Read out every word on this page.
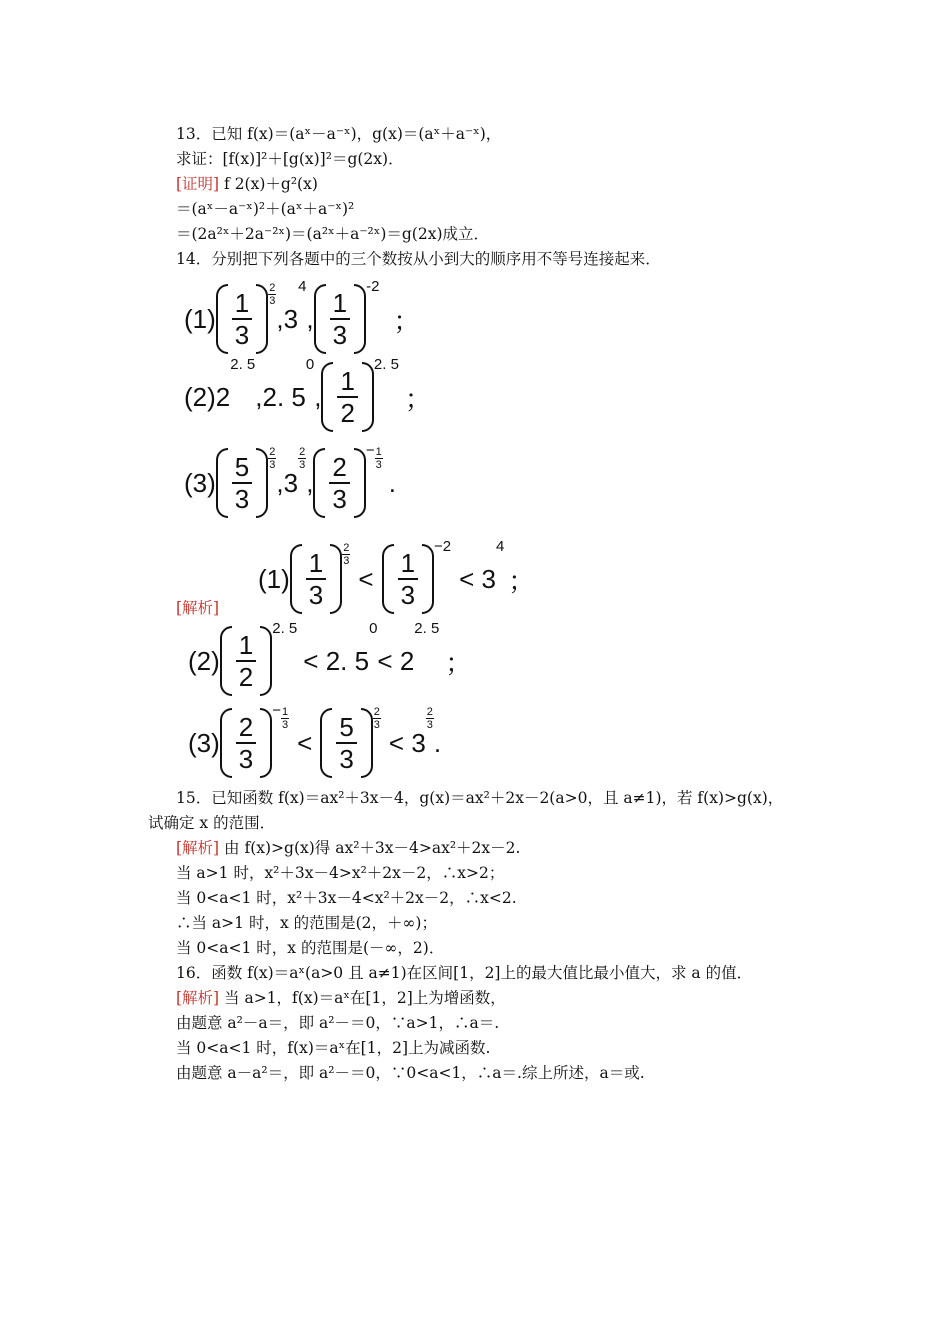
13．已知 f(x)＝(aˣ－a⁻ˣ)，g(x)＝(aˣ＋a⁻ˣ)，
求证：[f(x)]²＋[g(x)]²＝g(2x)．
[证明] f 2(x)＋g²(x)
＝(aˣ－a⁻ˣ)²＋(aˣ＋a⁻ˣ)²
＝(2a²ˣ＋2a⁻²ˣ)＝(a²ˣ＋a⁻²ˣ)＝g(2x)成立．
14．分别把下列各题中的三个数按从小到大的顺序用不等号连接起来．
$(1) \frac{1}{3} \frac{2}{3}$
,3
4
, $\frac{1}{3}$
-2
；
(2) 2
2. 5
,2. 5
0
, $\frac{1}{2}$
2. 5
；
$(3) \frac{5}{3} \frac{2}{3}$
,3
$\frac{2}{3}$
, $\frac{2}{3}$
− $\frac{1}{3}$
.
[解析]
$(1) \frac{1}{3} \frac{2}{3}$
< $\frac{1}{3}$
−2
< 3
4
；
$(2) \frac{1}{2}$
2. 5
< 2. 5
0
< 2
2. 5
；
$(3) \frac{2}{3}$
− $\frac{1}{3}$
< $\frac{5}{3} \frac{2}{3}$
< 3
$\frac{2}{3}$
.
15．已知函数 f(x)＝ax²＋3x－4，g(x)＝ax²＋2x－2(a>0，且 a≠1)，若 f(x)>g(x)，
试确定 x 的范围．
[解析] 由 f(x)>g(x)得 ax²＋3x－4>ax²＋2x－2.
当 a>1 时，x²＋3x－4>x²＋2x－2，∴x>2；
当 0<a<1 时，x²＋3x－4<x²＋2x－2，∴x<2.
∴当 a>1 时，x 的范围是(2，＋∞)；
当 0<a<1 时，x 的范围是(－∞，2)．
16．函数 f(x)＝aˣ(a>0 且 a≠1)在区间[1，2]上的最大值比最小值大，求 a 的值．
[解析] 当 a>1，f(x)＝aˣ在[1，2]上为增函数，
由题意 a²－a＝，即 a²－＝0，∵a>1，∴a＝.
当 0<a<1 时，f(x)＝aˣ在[1，2]上为减函数.
由题意 a－a²＝，即 a²－＝0，∵0<a<1，∴a＝.综上所述，a＝或.
